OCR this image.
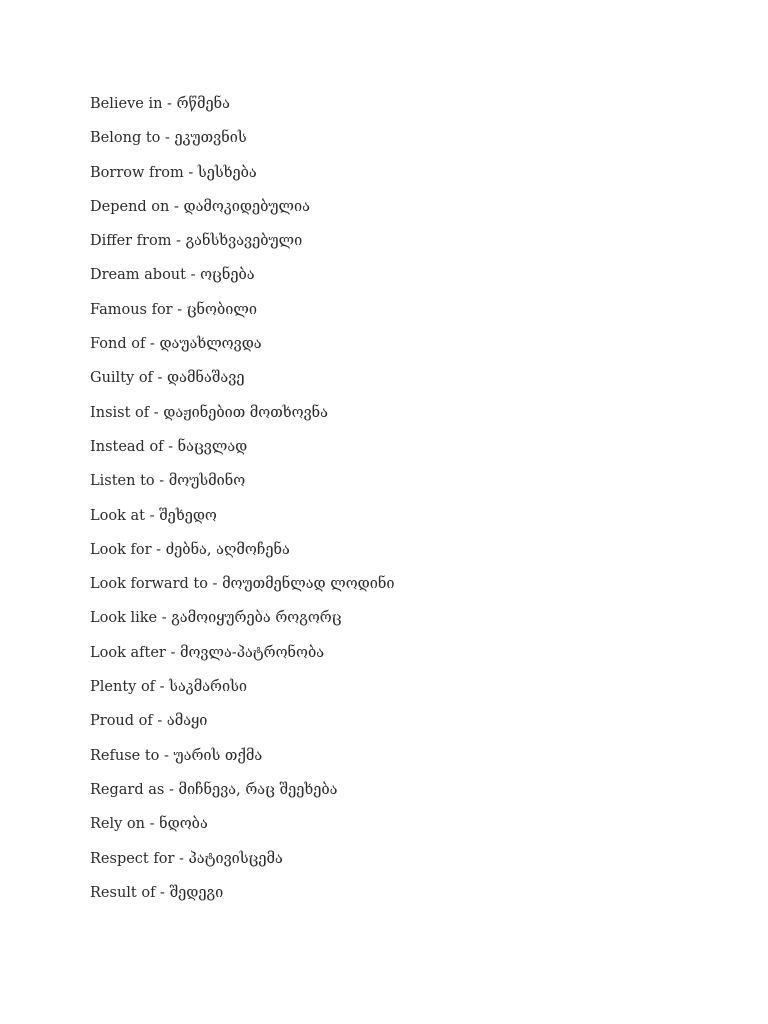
Believe in - რწმენა
Belong to - ეკუთვნის
Borrow from - სესხება
Depend on - დამოკიდებულია
Differ from - განსხვავებული
Dream about - ოცნება
Famous for - ცნობილი
Fond of - დაუახლოვდა
Guilty of - დამნაშავე
Insist of - დაჟინებით მოთხოვნა
Instead of - ნაცვლად
Listen to - მოუსმინო
Look at - შეხედო
Look for - ძებნა, აღმოჩენა
Look forward to - მოუთმენლად ლოდინი
Look like - გამოიყურება როგორც
Look after - მოვლა-პატრონობა
Plenty of - საკმარისი
Proud of - ამაყი
Refuse to - უარის თქმა
Regard as - მიჩნევა, რაც შეეხება
Rely on - ნდობა
Respect for - პატივისცემა
Result of - შედეგი
